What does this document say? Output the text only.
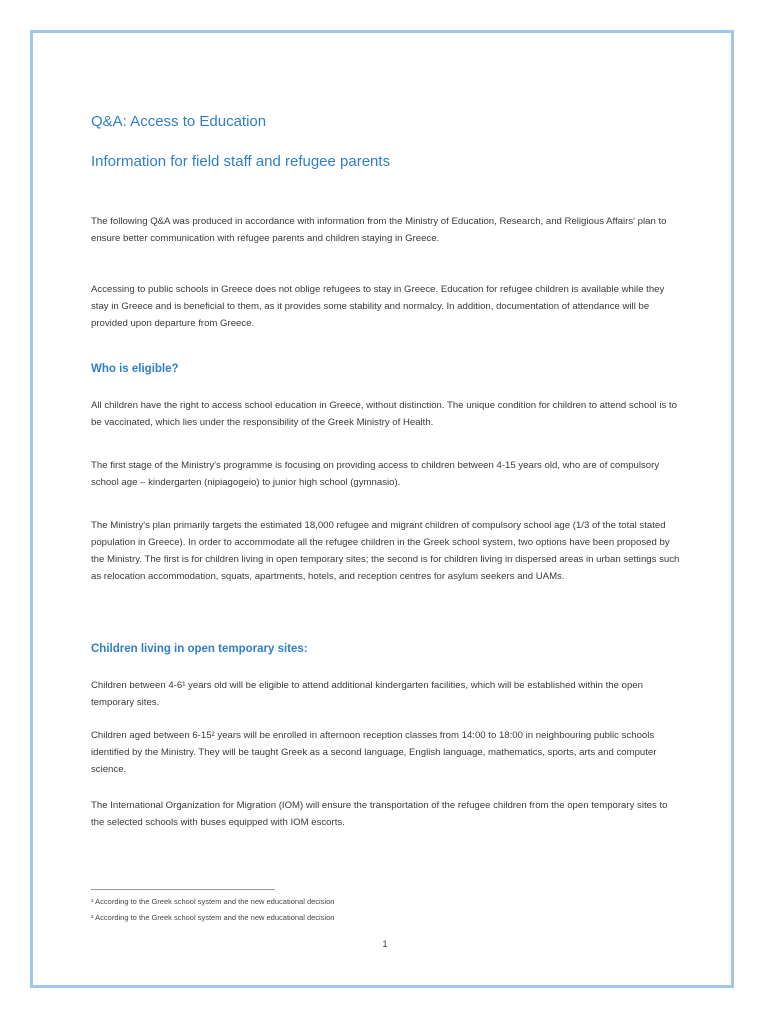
Q&A: Access to Education
Information for field staff and refugee parents

The following Q&A was produced in accordance with information from the Ministry of Education, Research, and Religious Affairs' plan to ensure better communication with refugee parents and children staying in Greece.

Accessing to public schools in Greece does not oblige refugees to stay in Greece. Education for refugee children is available while they stay in Greece and is beneficial to them, as it provides some stability and normalcy. In addition, documentation of attendance will be provided upon departure from Greece.

Who is eligible?

All children have the right to access school education in Greece, without distinction. The unique condition for children to attend school is to be vaccinated, which lies under the responsibility of the Greek Ministry of Health.

The first stage of the Ministry's programme is focusing on providing access to children between 4-15 years old, who are of compulsory school age – kindergarten (nipiagogeio) to junior high school (gymnasio).

The Ministry's plan primarily targets the estimated 18,000 refugee and migrant children of compulsory school age (1/3 of the total stated population in Greece). In order to accommodate all the refugee children in the Greek school system, two options have been proposed by the Ministry. The first is for children living in open temporary sites; the second is for children living in dispersed areas in urban settings such as relocation accommodation, squats, apartments, hotels, and reception centres for asylum seekers and UAMs.

Children living in open temporary sites:

Children between 4-6¹ years old will be eligible to attend additional kindergarten facilities, which will be established within the open temporary sites.

Children aged between 6-15² years will be enrolled in afternoon reception classes from 14:00 to 18:00 in neighbouring public schools identified by the Ministry. They will be taught Greek as a second language, English language, mathematics, sports, arts and computer science.

The International Organization for Migration (IOM) will ensure the transportation of the refugee children from the open temporary sites to the selected schools with buses equipped with IOM escorts.

¹ According to the Greek school system and the new educational decision
² According to the Greek school system and the new educational decision
1
